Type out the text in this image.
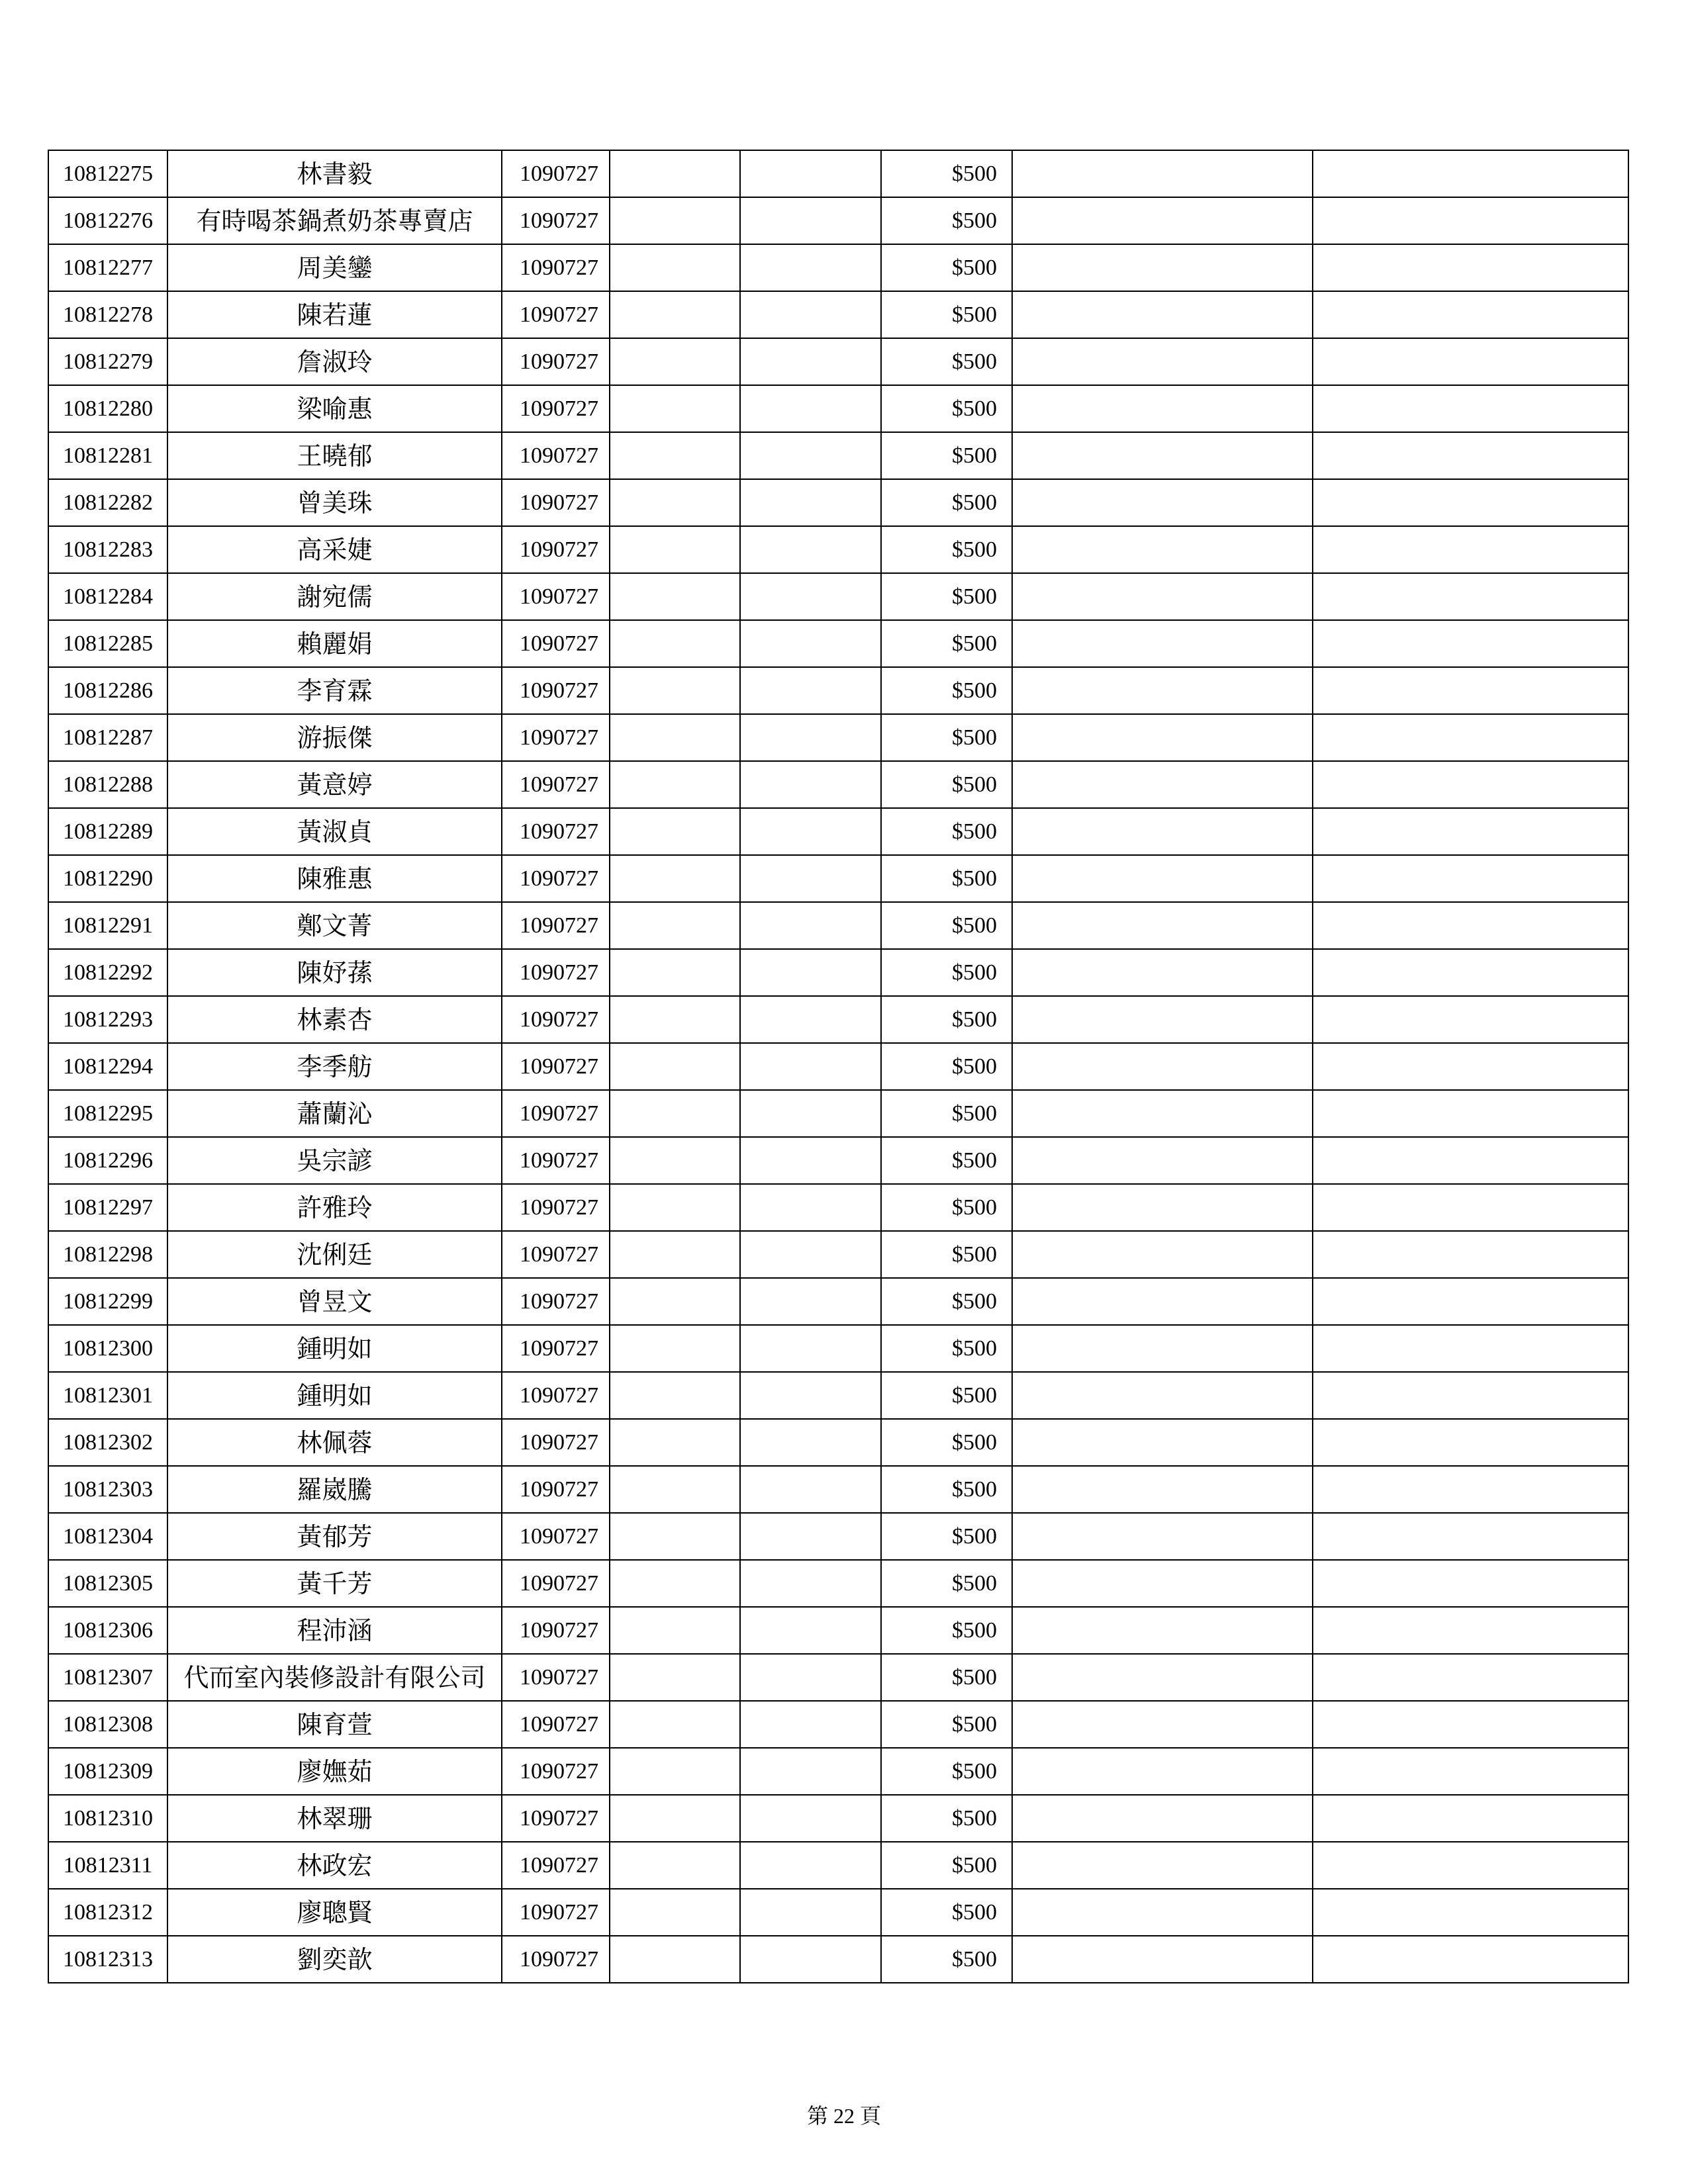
10812275	林書毅	1090727			$500		
10812276	有時喝茶鍋煮奶茶專賣店	1090727			$500		
10812277	周美鑾	1090727			$500		
10812278	陳若蓮	1090727			$500		
10812279	詹淑玲	1090727			$500		
10812280	梁喻惠	1090727			$500		
10812281	王曉郁	1090727			$500		
10812282	曾美珠	1090727			$500		
10812283	高采婕	1090727			$500		
10812284	謝宛儒	1090727			$500		
10812285	賴麗娟	1090727			$500		
10812286	李育霖	1090727			$500		
10812287	游振傑	1090727			$500		
10812288	黃意婷	1090727			$500		
10812289	黃淑貞	1090727			$500		
10812290	陳雅惠	1090727			$500		
10812291	鄭文菁	1090727			$500		
10812292	陳妤蓀	1090727			$500		
10812293	林素杏	1090727			$500		
10812294	李季舫	1090727			$500		
10812295	蕭蘭沁	1090727			$500		
10812296	吳宗諺	1090727			$500		
10812297	許雅玲	1090727			$500		
10812298	沈俐廷	1090727			$500		
10812299	曾昱文	1090727			$500		
10812300	鍾明如	1090727			$500		
10812301	鍾明如	1090727			$500		
10812302	林佩蓉	1090727			$500		
10812303	羅崴騰	1090727			$500		
10812304	黃郁芳	1090727			$500		
10812305	黃千芳	1090727			$500		
10812306	程沛涵	1090727			$500		
10812307	代而室內裝修設計有限公司	1090727			$500		
10812308	陳育萱	1090727			$500		
10812309	廖嫵茹	1090727			$500		
10812310	林翠珊	1090727			$500		
10812311	林政宏	1090727			$500		
10812312	廖聰賢	1090727			$500		
10812313	劉奕歆	1090727			$500		
第 22 頁
